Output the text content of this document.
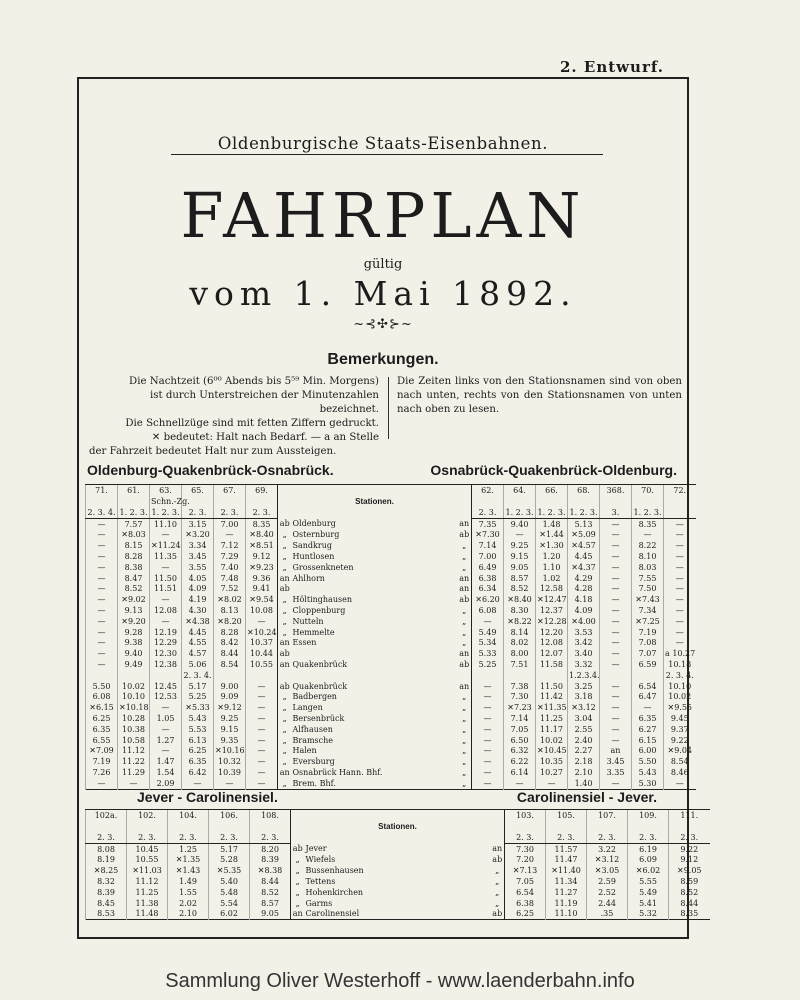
2. Entwurf.
Oldenburgische Staats-Eisenbahnen.
FAHRPLAN
gültig
vom 1. Mai 1892.
~⊰✣⊱~
Bemerkungen.
Die Nachtzeit (6⁰⁰ Abends bis 5⁵⁹ Min. Morgens)
ist durch Unterstreichen der Minutenzahlen bezeichnet.
Die Schnellzüge sind mit fetten Ziffern gedruckt.
✕ bedeutet: Halt nach Bedarf. — a an Stelle
der Fahrzeit bedeutet Halt nur zum Aussteigen.
Die Zeiten links von den Stationsnamen sind von oben nach unten, rechts von den Stationsnamen von unten nach oben zu lesen.
Oldenburg-Quakenbrück-Osnabrück.	Osnabrück-Quakenbrück-Oldenburg.
71.	61.	63.	65.	67.	69.	Stationen.			62.	64.	66.	68.	368.	70.	72.
		Schn.-Zg.													
2. 3. 4.	1. 2. 3.	1. 2. 3.	2. 3.	2. 3.	2. 3.				2. 3.	1. 2. 3.	1. 2. 3.	1. 2. 3.	3.	1. 2. 3.	
—	7.57	11.10	3.15	7.00	8.35	ab	Oldenburg	an	7.35	9.40	1.48	5.13	—	8.35	—
—	✕8.03	—	✕3.20	—	✕8.40	„	Osternburg	ab	✕7.30	—	✕1.44	✕5.09	—	—	—
—	8.15	✕11.24	3.34	7.12	✕8.51	„	Sandkrug	„	7.14	9.25	✕1.30	✕4.57	—	8.22	—
—	8.28	11.35	3.45	7.29	9.12	„	Huntlosen	„	7.00	9.15	1.20	4.45	—	8.10	—
—	8.38	—	3.55	7.40	✕9.23	„	Grossenkneten	„	6.49	9.05	1.10	✕4.37	—	8.03	—
—	8.47	11.50	4.05	7.48	9.36	an	Ahlhorn	an	6.38	8.57	1.02	4.29	—	7.55	—
—	8.52	11.51	4.09	7.52	9.41	ab		an	6.34	8.52	12.58	4.28	—	7.50	—
—	✕9.02	—	4.19	✕8.02	✕9.54	„	Höltinghausen	ab	✕6.20	✕8.40	✕12.47	4.18	—	✕7.43	—
—	9.13	12.08	4.30	8.13	10.08	„	Cloppenburg	„	6.08	8.30	12.37	4.09	—	7.34	—
—	✕9.20	—	✕4.38	✕8.20	—	„	Nutteln	„	—	✕8.22	✕12.28	✕4.00	—	✕7.25	—
—	9.28	12.19	4.45	8.28	✕10.24	„	Hemmelte	„	5.49	8.14	12.20	3.53	—	7.19	—
—	9.38	12.29	4.55	8.42	10.37	an	Essen	„	5.34	8.02	12.08	3.42	—	7.08	—
—	9.40	12.30	4.57	8.44	10.44	ab		an	5.33	8.00	12.07	3.40	—	7.07	a 10.27
—	9.49	12.38	5.06	8.54	10.55	an	Quakenbrück	ab	5.25	7.51	11.58	3.32	—	6.59	10.18
			2. 3. 4.									1.2.3.4.			2. 3. 4.
5.50	10.02	12.45	5.17	9.00	—	ab	Quakenbrück	an	—	7.38	11.50	3.25	—	6.54	10.10
6.08	10.10	12.53	5.25	9.09	—	„	Badbergen	„	—	7.30	11.42	3.18	—	6.47	10.02
✕6.15	✕10.18	—	✕5.33	✕9.12	—	„	Langen	„	—	✕7.23	✕11.35	✕3.12	—	—	✕9.55
6.25	10.28	1.05	5.43	9.25	—	„	Bersenbrück	„	—	7.14	11.25	3.04	—	6.35	9.45
6.35	10.38	—	5.53	9.15	—	„	Alfhausen	„	—	7.05	11.17	2.55	—	6.27	9.37
6.55	10.58	1.27	6.13	9.35	—	„	Bramsche	„	—	6.50	10.02	2.40	—	6.15	9.22
✕7.09	11.12	—	6.25	✕10.16	—	„	Halen	„	—	6.32	✕10.45	2.27	an	6.00	✕9.04
7.19	11.22	1.47	6.35	10.32	—	„	Eversburg	„	—	6.22	10.35	2.18	3.45	5.50	8.54
7.26	11.29	1.54	6.42	10.39	—	an	Osnabrück Hann. Bhf.	„	—	6.14	10.27	2.10	3.35	5.43	8.46
—	—	2.09	—	—	—	„	Brem. Bhf.	„	—	—	—	1.40	—	5.30	—

Jever - Carolinensiel.	Carolinensiel - Jever.
102a.	102.	104.	106.	108.	Stationen.			103.	105.	107.	109.	111.

2. 3.	2. 3.	2. 3.	2. 3.	2. 3.				2. 3.	2. 3.	2. 3.	2. 3.	2. 3.
8.08	10.45	1.25	5.17	8.20	ab	Jever	an	7.30	11.57	3.22	6.19	9.22
8.19	10.55	✕1.35	5.28	8.39	„	Wiefels	ab	7.20	11.47	✕3.12	6.09	9.12
✕8.25	✕11.03	✕1.43	✕5.35	✕8.38	„	Bussenhausen	„	✕7.13	✕11.40	✕3.05	✕6.02	✕9.05
8.32	11.12	1.49	5.40	8.44	„	Tettens	„	7.05	11.34	2.59	5.55	8.59
8.39	11.25	1.55	5.48	8.52	„	Hohenkirchen	„	6.54	11.27	2.52	5.49	8.52
8.45	11.38	2.02	5.54	8.57	„	Garms	„	6.38	11.19	2.44	5.41	8.44
8.53	11.48	2.10	6.02	9.05	an	Carolinensiel	ab	6.25	11.10	.35	5.32	8.35

Sammlung Oliver Westerhoff - www.laenderbahn.info
